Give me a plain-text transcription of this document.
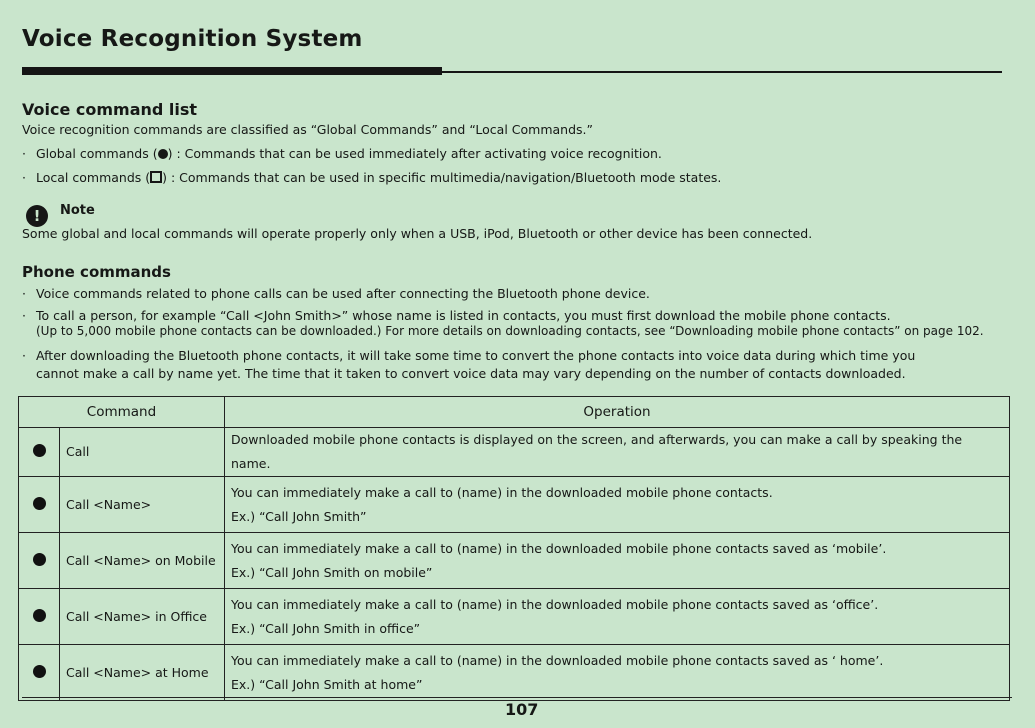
Voice Recognition System
Voice command list
Voice recognition commands are classified as “Global Commands” and “Local Commands.”
· Global commands ( ) : Commands that can be used immediately after activating voice recognition.
· Local commands ( ) : Commands that can be used in specific multimedia/navigation/Bluetooth mode states.
!	Note
Some global and local commands will operate properly only when a USB, iPod, Bluetooth or other device has been connected.
Phone commands
· Voice commands related to phone calls can be used after connecting the Bluetooth phone device.
· To call a person, for example “Call <John Smith>” whose name is listed in contacts, you must first download the mobile phone contacts.
(Up to 5,000 mobile phone contacts can be downloaded.) For more details on downloading contacts, see “Downloading mobile phone contacts” on page 102.
· After downloading the Bluetooth phone contacts, it will take some time to convert the phone contacts into voice data during which time you
cannot make a call by name yet. The time that it taken to convert voice data may vary depending on the number of contacts downloaded.
Command		Operation
	Call	Downloaded mobile phone contacts is displayed on the screen, and afterwards, you can make a call by speaking the name.

	Call <Name>	You can immediately make a call to (name) in the downloaded mobile phone contacts.
Ex.) “Call John Smith”

	Call <Name> on Mobile	You can immediately make a call to (name) in the downloaded mobile phone contacts saved as ‘mobile’.
Ex.) “Call John Smith on mobile”

	Call <Name> in Office	You can immediately make a call to (name) in the downloaded mobile phone contacts saved as ‘office’.
Ex.) “Call John Smith in office”

	Call <Name> at Home	You can immediately make a call to (name) in the downloaded mobile phone contacts saved as ‘ home’.
Ex.) “Call John Smith at home”
107
